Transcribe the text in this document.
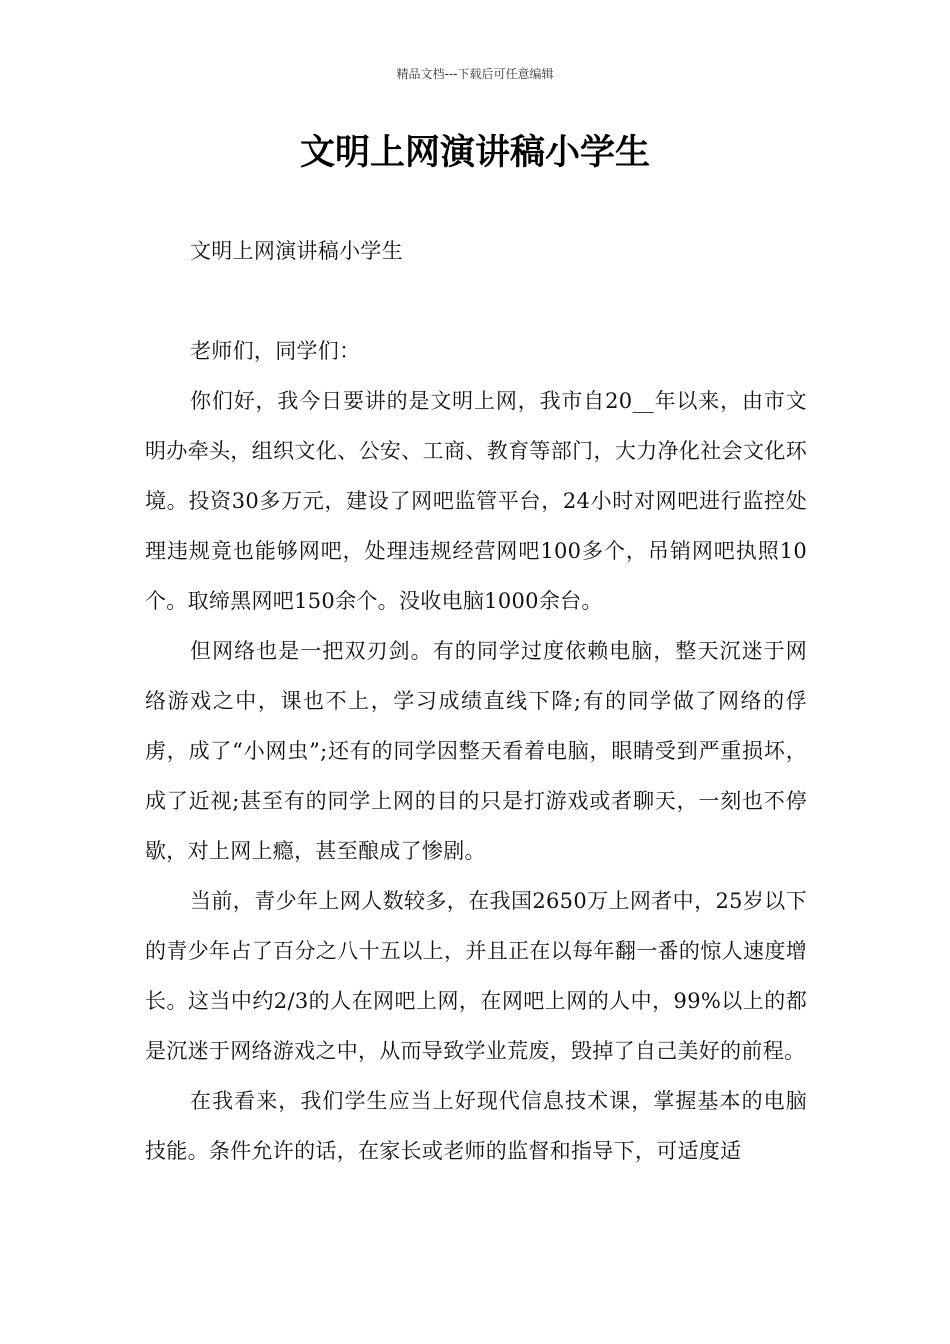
精品文档---下载后可任意编辑
文明上网演讲稿小学生

文明上网演讲稿小学生

老师们，同学们：

你们好，我今日要讲的是文明上网，我市自20__年以来，由市文明办牵头，组织文化、公安、工商、教育等部门，大力净化社会文化环境。投资30多万元，建设了网吧监管平台，24小时对网吧进行监控处理违规竟也能够网吧，处理违规经营网吧100多个，吊销网吧执照10个。取缔黑网吧150余个。没收电脑1000余台。

但网络也是一把双刃剑。有的同学过度依赖电脑，整天沉迷于网络游戏之中，课也不上，学习成绩直线下降;有的同学做了网络的俘虏，成了“小网虫”;还有的同学因整天看着电脑，眼睛受到严重损坏，成了近视;甚至有的同学上网的目的只是打游戏或者聊天，一刻也不停歇，对上网上瘾，甚至酿成了惨剧。

当前，青少年上网人数较多，在我国2650万上网者中，25岁以下的青少年占了百分之八十五以上，并且正在以每年翻一番的惊人速度增长。这当中约2/3的人在网吧上网，在网吧上网的人中，99%以上的都是沉迷于网络游戏之中，从而导致学业荒废，毁掉了自己美好的前程。

在我看来，我们学生应当上好现代信息技术课，掌握基本的电脑技能。条件允许的话，在家长或老师的监督和指导下，可适度适
